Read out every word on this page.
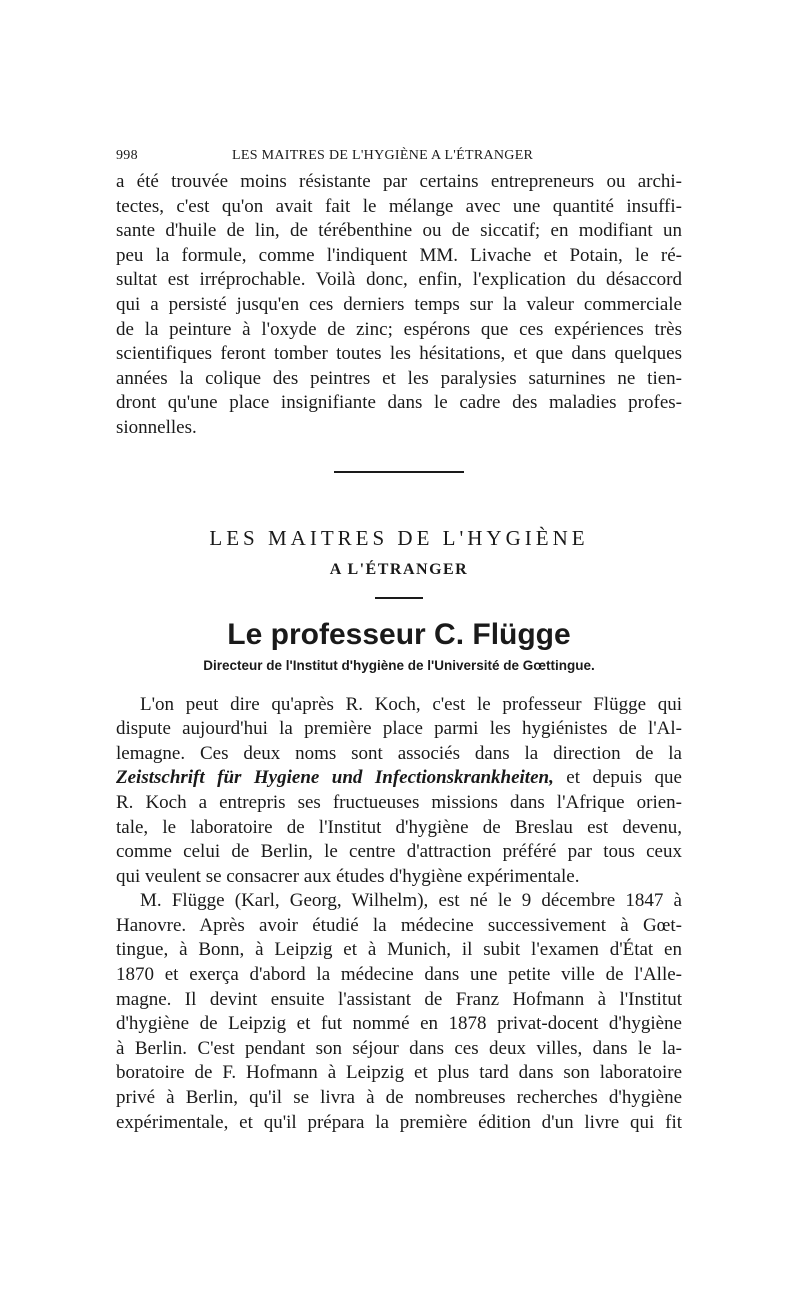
998	LES MAITRES DE L'HYGIÈNE A L'ÉTRANGER

a été trouvée moins résistante par certains entrepreneurs ou archi-

tectes, c'est qu'on avait fait le mélange avec une quantité insuffi-

sante d'huile de lin, de térébenthine ou de siccatif; en modifiant un

peu la formule, comme l'indiquent MM. Livache et Potain, le ré-

sultat est irréprochable. Voilà donc, enfin, l'explication du désaccord

qui a persisté jusqu'en ces derniers temps sur la valeur commerciale

de la peinture à l'oxyde de zinc; espérons que ces expériences très

scientifiques feront tomber toutes les hésitations, et que dans quelques

années la colique des peintres et les paralysies saturnines ne tien-

dront qu'une place insignifiante dans le cadre des maladies profes-

sionnelles.

LES MAITRES DE L'HYGIÈNE
A L'ÉTRANGER
Le professeur C. Flügge
Directeur de l'Institut d'hygiène de l'Université de Gœttingue.

L'on peut dire qu'après R. Koch, c'est le professeur Flügge qui

dispute aujourd'hui la première place parmi les hygiénistes de l'Al-

lemagne. Ces deux noms sont associés dans la direction de la

Zeistschrift für Hygiene und Infectionskrankheiten, et depuis que

R. Koch a entrepris ses fructueuses missions dans l'Afrique orien-

tale, le laboratoire de l'Institut d'hygiène de Breslau est devenu,

comme celui de Berlin, le centre d'attraction préféré par tous ceux

qui veulent se consacrer aux études d'hygiène expérimentale.

M. Flügge (Karl, Georg, Wilhelm), est né le 9 décembre 1847 à

Hanovre. Après avoir étudié la médecine successivement à Gœt-

tingue, à Bonn, à Leipzig et à Munich, il subit l'examen d'État en

1870 et exerça d'abord la médecine dans une petite ville de l'Alle-

magne. Il devint ensuite l'assistant de Franz Hofmann à l'Institut

d'hygiène de Leipzig et fut nommé en 1878 privat-docent d'hygiène

à Berlin. C'est pendant son séjour dans ces deux villes, dans le la-

boratoire de F. Hofmann à Leipzig et plus tard dans son laboratoire

privé à Berlin, qu'il se livra à de nombreuses recherches d'hygiène

expérimentale, et qu'il prépara la première édition d'un livre qui fit
